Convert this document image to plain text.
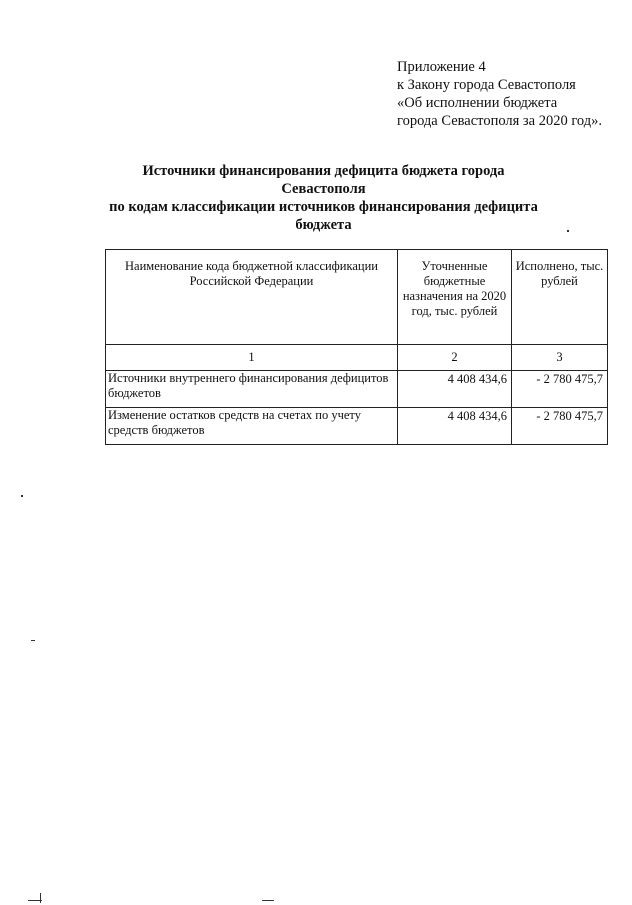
Приложение 4
к Закону города Севастополя
«Об исполнении бюджета
города Севастополя за 2020 год».
Источники финансирования дефицита бюджета города Севастополя
по кодам классификации источников финансирования дефицита
бюджета
Наименование кода бюджетной классификации Российской Федерации	Уточненные бюджетные назначения на 2020 год, тыс. рублей	Исполнено, тыс. рублей
1	2	3
Источники внутреннего финансирования дефицитов бюджетов	4 408 434,6	- 2 780 475,7
Изменение остатков средств на счетах по учету средств бюджетов	4 408 434,6	- 2 780 475,7
